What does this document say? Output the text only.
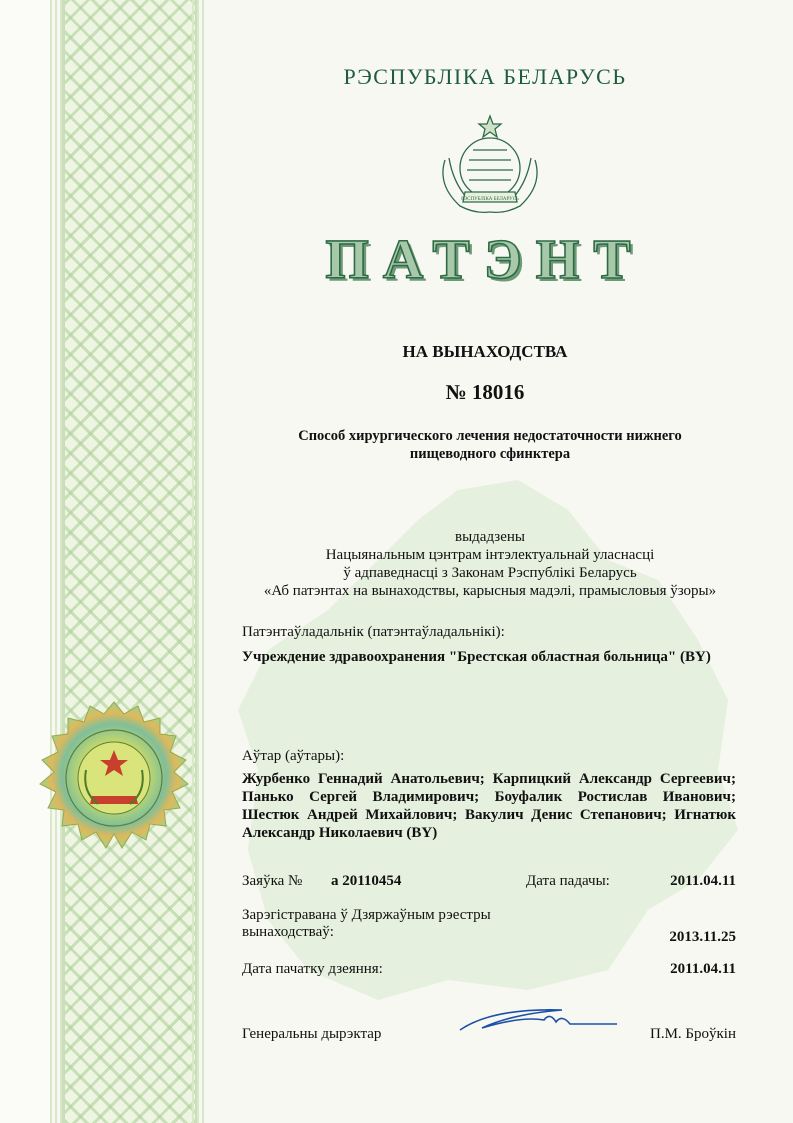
РЭСПУБЛІКА БЕЛАРУСЬ
РЭСПУБЛІКА БЕЛАРУСЬ
ПАТЭНТ
НА ВЫНАХОДСТВА
№ 18016
Способ хирургического лечения недостаточности нижнего
пищеводного сфинктера
выдадзены
Нацыянальным цэнтрам інтэлектуальнай уласнасці
ў адпаведнасці з Законам Рэспублікі Беларусь
«Аб патэнтах на вынаходствы, карысныя мадэлі, прамысловыя ўзоры»
Патэнтаўладальнік (патэнтаўладальнікі):
Учреждение здравоохранения "Брестская областная больница" (BY)
Аўтар (аўтары):
Журбенко Геннадий Анатольевич; Карпицкий Александр Сергеевич; Панько Сергей Владимирович; Боуфалик Ростислав Иванович; Шестюк Андрей Михайлович; Вакулич Денис Степанович; Игнатюк Александр Николаевич (BY)
Заяўка № а 20110454	Дата падачы:	2011.04.11
Зарэгістравана ў Дзяржаўным рэестры
вынаходстваў:	2013.11.25
Дата пачатку дзеяння:	2011.04.11
Генеральны дырэктар	П.М. Броўкін
